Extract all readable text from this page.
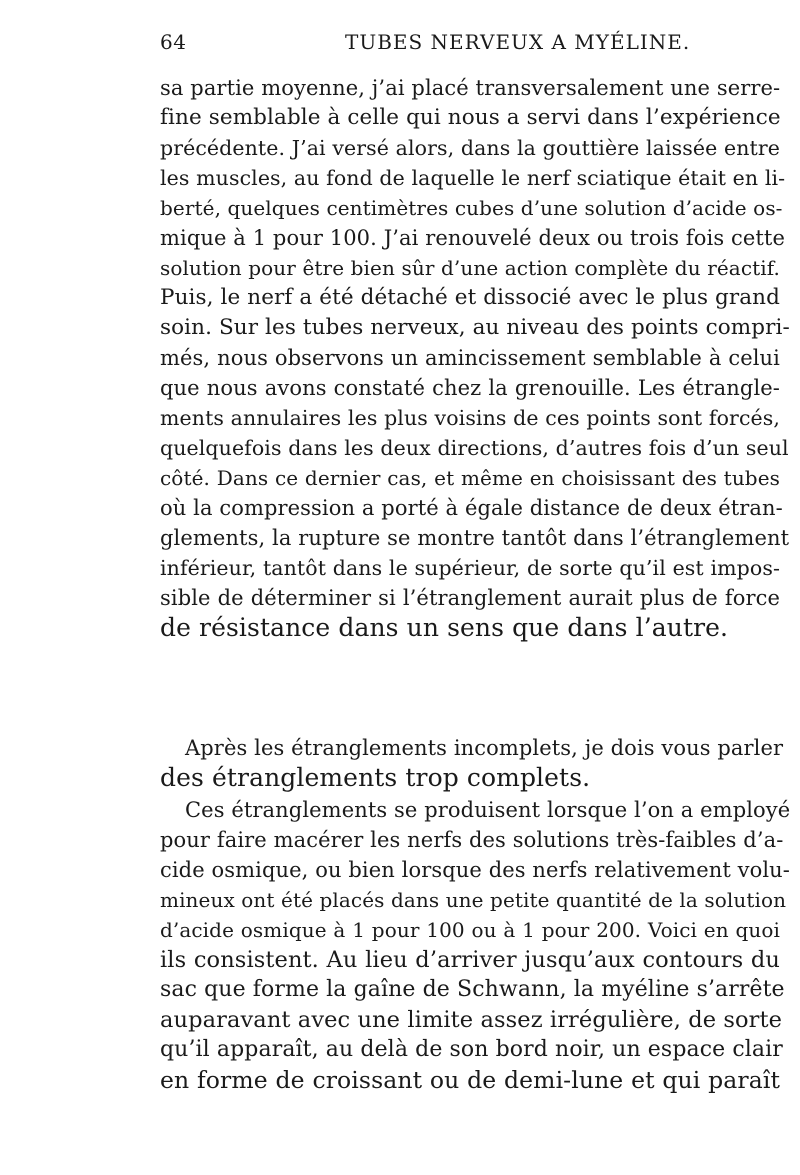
64	TUBES NERVEUX A MYÉLINE.
sa partie moyenne, j’ai placé transversalement une serre-
fine semblable à celle qui nous a servi dans l’expérience
précédente. J’ai versé alors, dans la gouttière laissée entre
les muscles, au fond de laquelle le nerf sciatique était en li-
berté, quelques centimètres cubes d’une solution d’acide os-
mique à 1 pour 100. J’ai renouvelé deux ou trois fois cette
solution pour être bien sûr d’une action complète du réactif.
Puis, le nerf a été détaché et dissocié avec le plus grand
soin. Sur les tubes nerveux, au niveau des points compri-
més, nous observons un amincissement semblable à celui
que nous avons constaté chez la grenouille. Les étrangle-
ments annulaires les plus voisins de ces points sont forcés,
quelquefois dans les deux directions, d’autres fois d’un seul
côté. Dans ce dernier cas, et même en choisissant des tubes
où la compression a porté à égale distance de deux étran-
glements, la rupture se montre tantôt dans l’étranglement
inférieur, tantôt dans le supérieur, de sorte qu’il est impos-
sible de déterminer si l’étranglement aurait plus de force
de résistance dans un sens que dans l’autre.
Après les étranglements incomplets, je dois vous parler
des étranglements trop complets.
Ces étranglements se produisent lorsque l’on a employé
pour faire macérer les nerfs des solutions très-faibles d’a-
cide osmique, ou bien lorsque des nerfs relativement volu-
mineux ont été placés dans une petite quantité de la solution
d’acide osmique à 1 pour 100 ou à 1 pour 200. Voici en quoi
ils consistent. Au lieu d’arriver jusqu’aux contours du
sac que forme la gaîne de Schwann, la myéline s’arrête
auparavant avec une limite assez irrégulière, de sorte
qu’il apparaît, au delà de son bord noir, un espace clair
en forme de croissant ou de demi-lune et qui paraît
